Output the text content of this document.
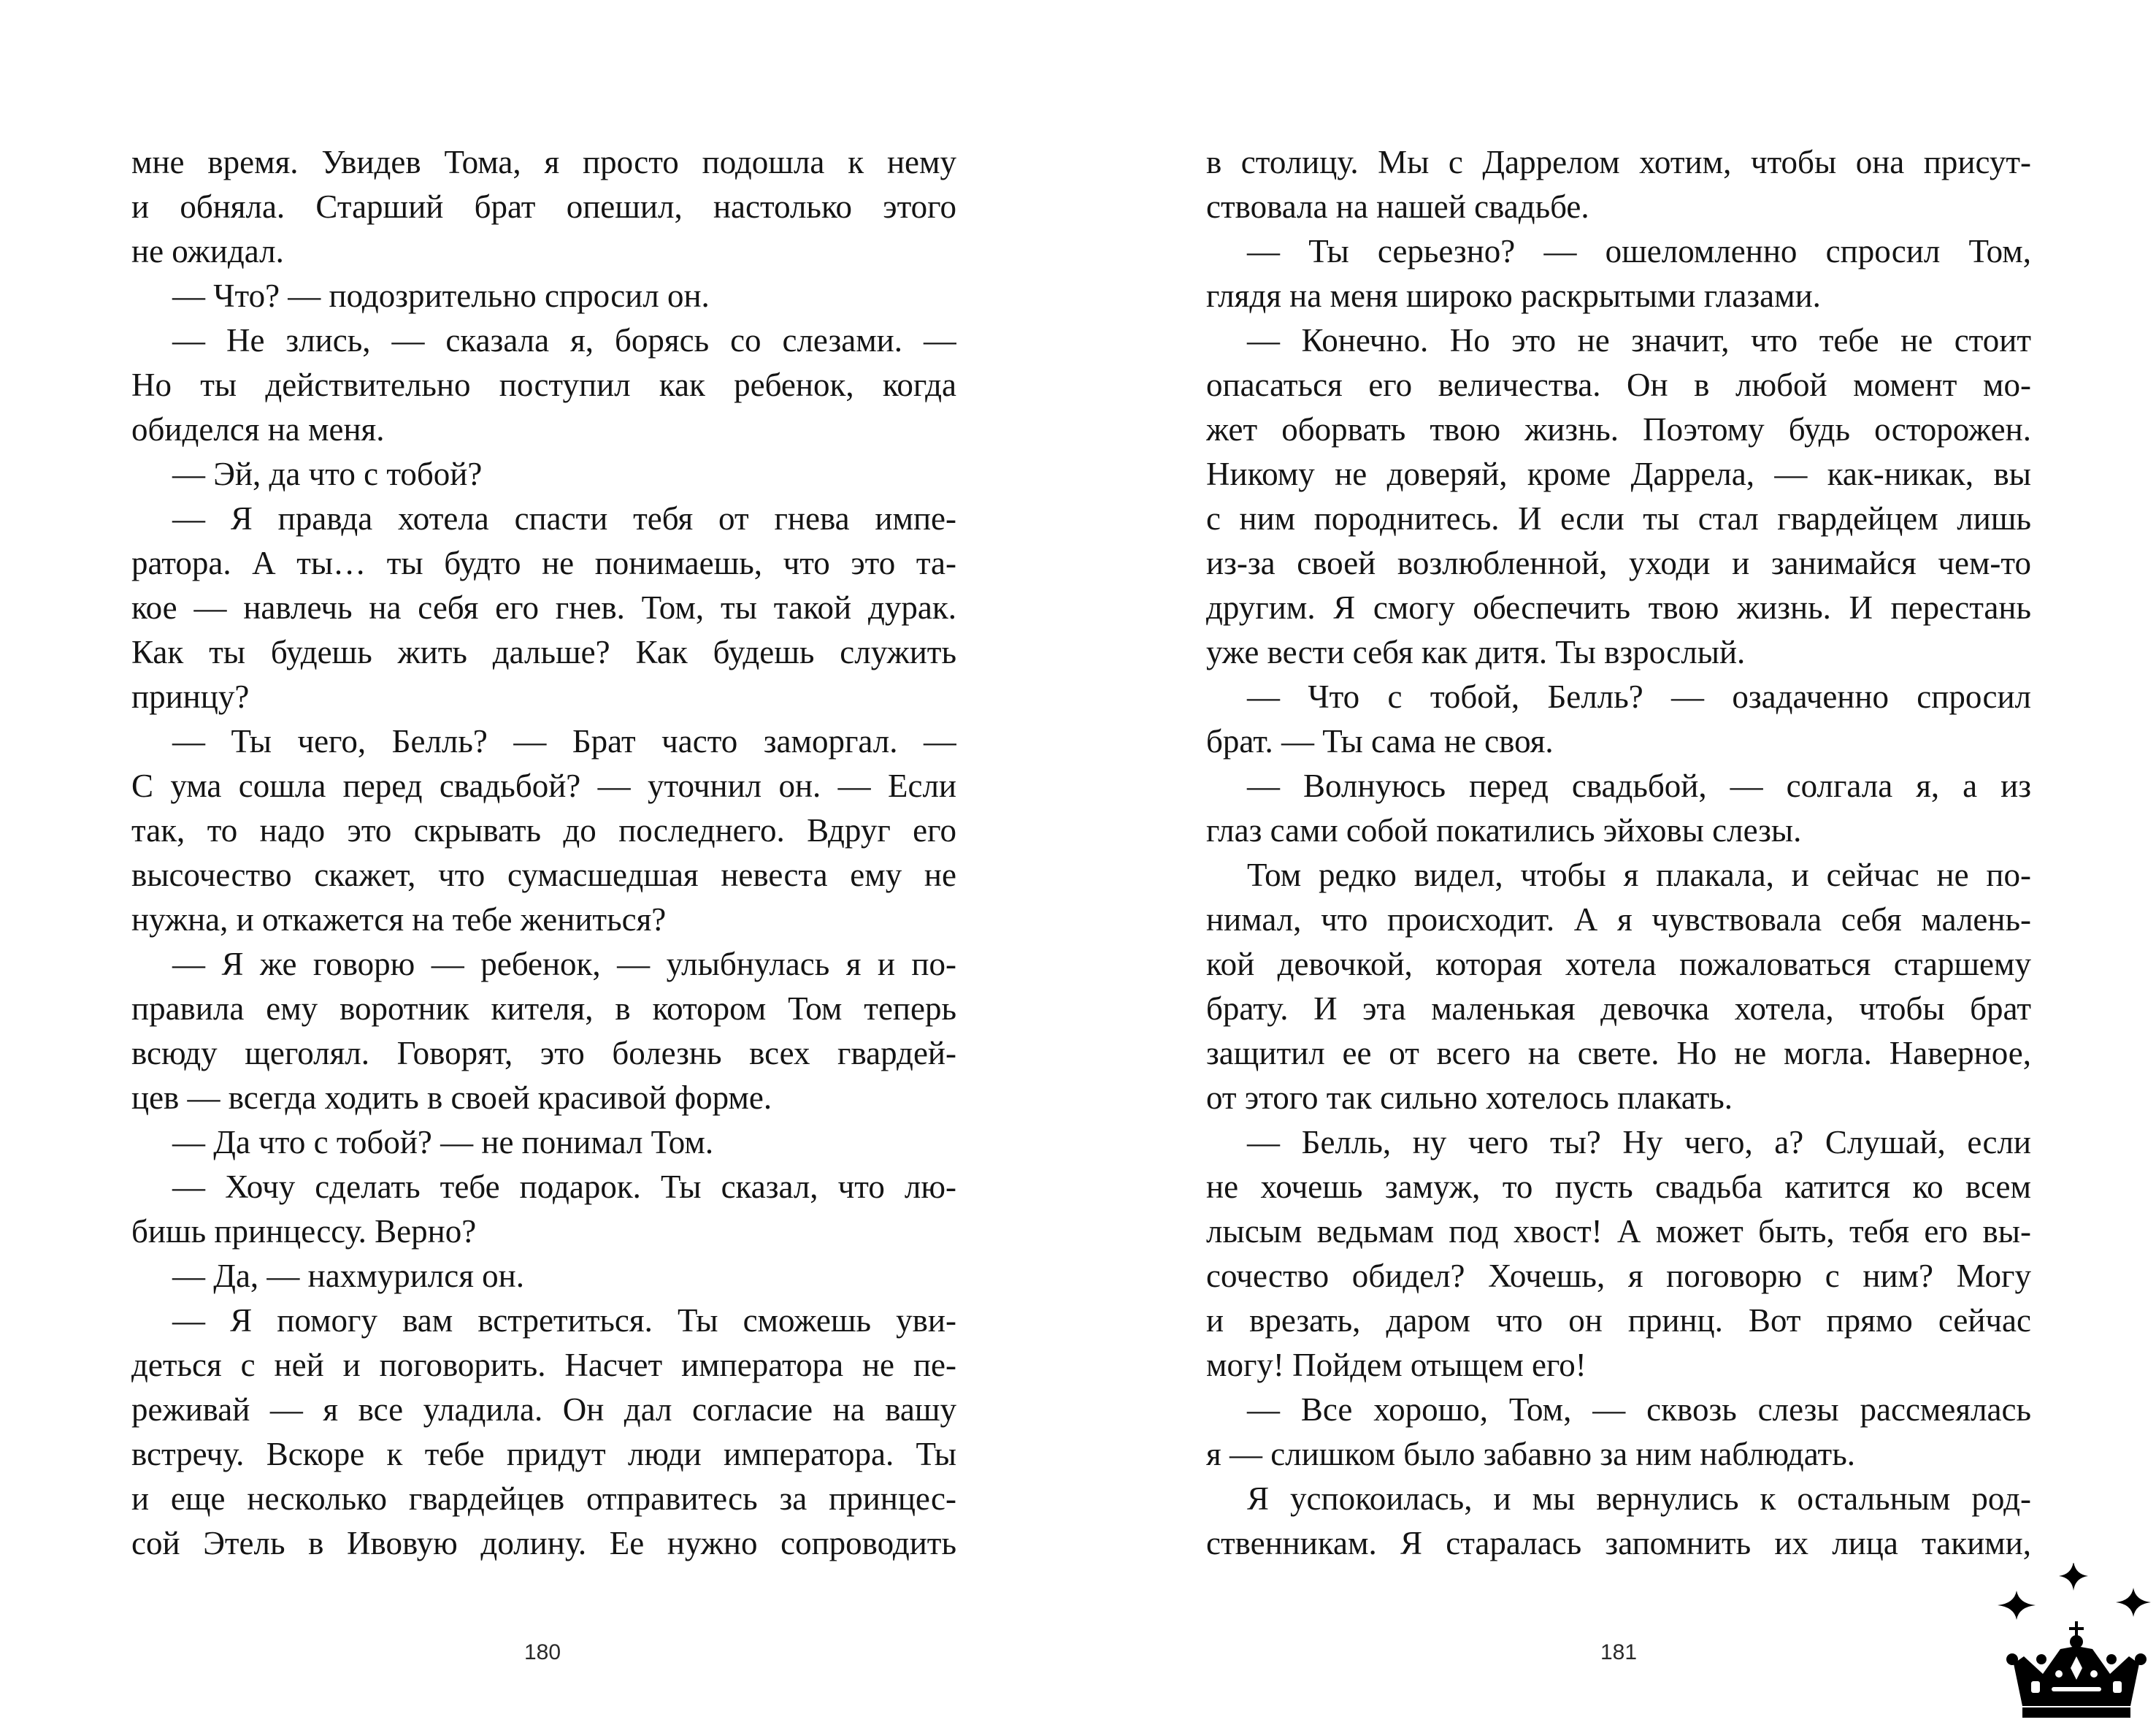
мне время. Увидев Тома, я просто подошла к нему
и обняла. Старший брат опешил, настолько этого
не ожидал.
— Что? — подозрительно спросил он.
— Не злись, — сказала я, борясь со слезами. —
Но ты действительно поступил как ребенок, когда
обиделся на меня.
— Эй, да что с тобой?
— Я правда хотела спасти тебя от гнева импе-
ратора. А ты… ты будто не понимаешь, что это та-
кое — навлечь на себя его гнев. Том, ты такой дурак.
Как ты будешь жить дальше? Как будешь служить
принцу?
— Ты чего, Белль? — Брат часто заморгал. —
С ума сошла перед свадьбой? — уточнил он. — Если
так, то надо это скрывать до последнего. Вдруг его
высочество скажет, что сумасшедшая невеста ему не
нужна, и откажется на тебе жениться?
— Я же говорю — ребенок, — улыбнулась я и по-
правила ему воротник кителя, в котором Том теперь
всюду щеголял. Говорят, это болезнь всех гвардей-
цев — всегда ходить в своей красивой форме.
— Да что с тобой? — не понимал Том.
— Хочу сделать тебе подарок. Ты сказал, что лю-
бишь принцессу. Верно?
— Да, — нахмурился он.
— Я помогу вам встретиться. Ты сможешь уви-
деться с ней и поговорить. Насчет императора не пе-
реживай — я все уладила. Он дал согласие на вашу
встречу. Вскоре к тебе придут люди императора. Ты
и еще несколько гвардейцев отправитесь за принцес-
сой Этель в Ивовую долину. Ее нужно сопроводить
180
в столицу. Мы с Даррелом хотим, чтобы она присут-
ствовала на нашей свадьбе.
— Ты серьезно? — ошеломленно спросил Том,
глядя на меня широко раскрытыми глазами.
— Конечно. Но это не значит, что тебе не стоит
опасаться его величества. Он в любой момент мо-
жет оборвать твою жизнь. Поэтому будь осторожен.
Никому не доверяй, кроме Даррела, — как-никак, вы
с ним породнитесь. И если ты стал гвардейцем лишь
из-за своей возлюбленной, уходи и занимайся чем-то
другим. Я смогу обеспечить твою жизнь. И перестань
уже вести себя как дитя. Ты взрослый.
— Что с тобой, Белль? — озадаченно спросил
брат. — Ты сама не своя.
— Волнуюсь перед свадьбой, — солгала я, а из
глаз сами собой покатились эйховы слезы.
Том редко видел, чтобы я плакала, и сейчас не по-
нимал, что происходит. А я чувствовала себя малень-
кой девочкой, которая хотела пожаловаться старшему
брату. И эта маленькая девочка хотела, чтобы брат
защитил ее от всего на свете. Но не могла. Наверное,
от этого так сильно хотелось плакать.
— Белль, ну чего ты? Ну чего, а? Слушай, если
не хочешь замуж, то пусть свадьба катится ко всем
лысым ведьмам под хвост! А может быть, тебя его вы-
сочество обидел? Хочешь, я поговорю с ним? Могу
и врезать, даром что он принц. Вот прямо сейчас
могу! Пойдем отыщем его!
— Все хорошо, Том, — сквозь слезы рассмеялась
я — слишком было забавно за ним наблюдать.
Я успокоилась, и мы вернулись к остальным род-
ственникам. Я старалась запомнить их лица такими,
181
